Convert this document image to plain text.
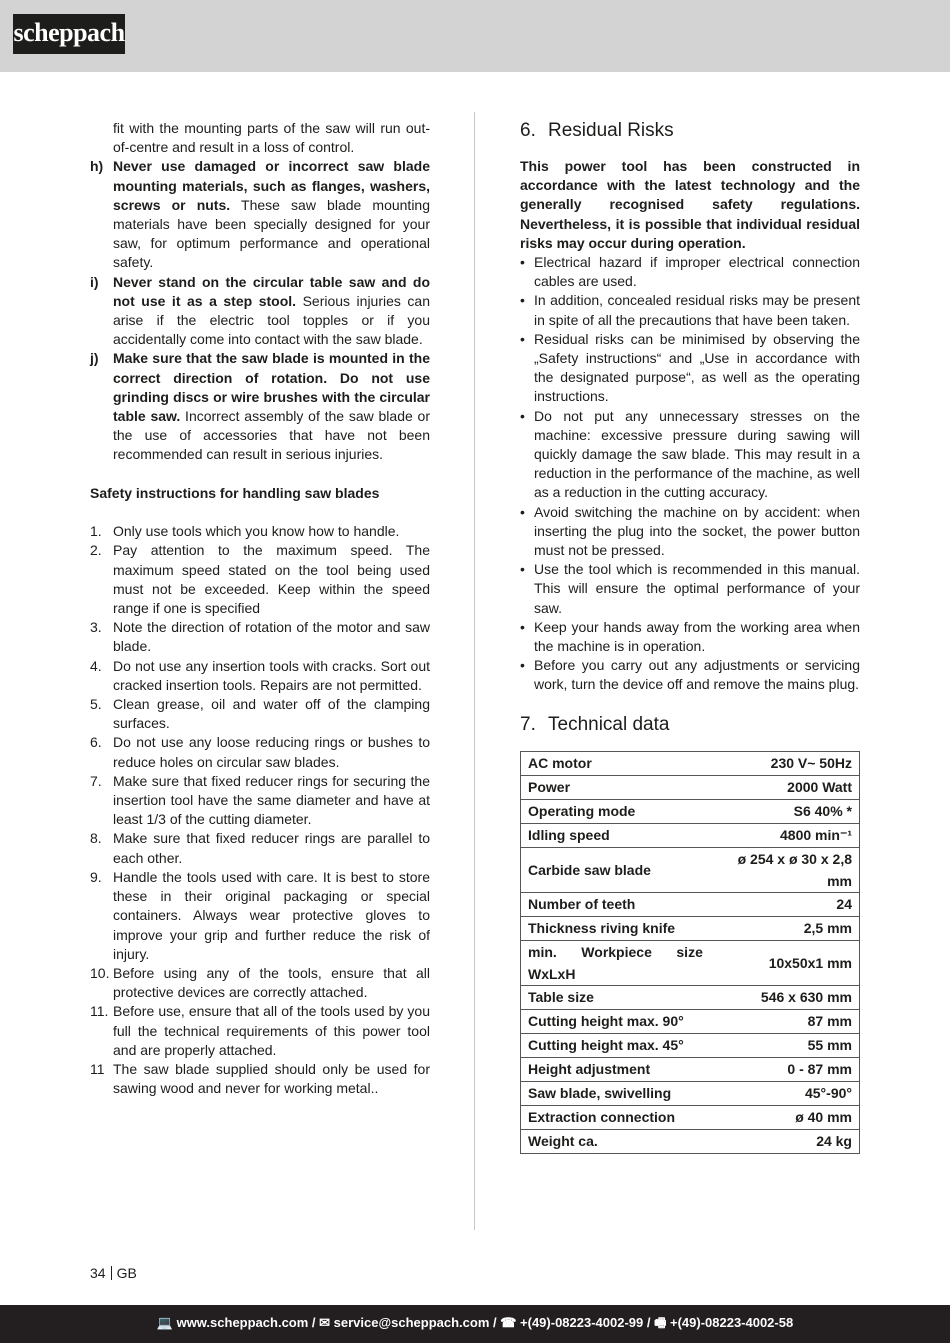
scheppach
fit with the mounting parts of the saw will run out-of-centre and result in a loss of control.
h) Never use damaged or incorrect saw blade mounting materials, such as flanges, washers, screws or nuts. These saw blade mounting materials have been specially designed for your saw, for optimum performance and operational safety.
i)	Never stand on the circular table saw and do not use it as a step stool. Serious injuries can arise if the electric tool topples or if you accidentally come into contact with the saw blade.
j)	Make sure that the saw blade is mounted in the correct direction of rotation. Do not use grinding discs or wire brushes with the circular table saw. Incorrect assembly of the saw blade or the use of accessories that have not been recommended can result in serious injuries.
Safety instructions for handling saw blades
1. Only use tools which you know how to handle.
2. Pay attention to the maximum speed. The maximum speed stated on the tool being used must not be exceeded. Keep within the speed range if one is specified
3. Note the direction of rotation of the motor and saw blade.
4. Do not use any insertion tools with cracks. Sort out cracked insertion tools. Repairs are not permitted.
5. Clean grease, oil and water off of the clamping surfaces.
6. Do not use any loose reducing rings or bushes to reduce holes on circular saw blades.
7. Make sure that fixed reducer rings for securing the insertion tool have the same diameter and have at least 1/3 of the cutting diameter.
8. Make sure that fixed reducer rings are parallel to each other.
9. Handle the tools used with care. It is best to store these in their original packaging or special containers. Always wear protective gloves to improve your grip and further reduce the risk of injury.
10. Before using any of the tools, ensure that all protective devices are correctly attached.
11. Before use, ensure that all of the tools used by you full the technical requirements of this power tool and are properly attached.
11 The saw blade supplied should only be used for sawing wood and never for working metal..
6. Residual Risks
This power tool has been constructed in accordance with the latest technology and the generally recognised safety regulations. Nevertheless, it is possible that individual residual risks may occur during operation.
• Electrical hazard if improper electrical connection cables are used.
• In addition, concealed residual risks may be present in spite of all the precautions that have been taken.
• Residual risks can be minimised by observing the „Safety instructions“ and „Use in accordance with the designated purpose“, as well as the operating instructions.
• Do not put any unnecessary stresses on the machine: excessive pressure during sawing will quickly damage the saw blade. This may result in a reduction in the performance of the machine, as well as a reduction in the cutting accuracy.
• Avoid switching the machine on by accident: when inserting the plug into the socket, the power button must not be pressed.
• Use the tool which is recommended in this manual. This will ensure the optimal performance of your saw.
• Keep your hands away from the working area when the machine is in operation.
• Before you carry out any adjustments or servicing work, turn the device off and remove the mains plug.
7. Technical data
AC motor	230 V~ 50Hz
Power	2000 Watt
Operating mode	S6 40% *
Idling speed	4800 min⁻¹
Carbide saw blade	ø 254 x ø 30 x 2,8 mm
Number of teeth	24
Thickness riving knife	2,5 mm
min. Workpiece size WxLxH	10x50x1 mm
Table size	546 x 630 mm
Cutting height max. 90°	87 mm
Cutting height max. 45°	55 mm
Height adjustment	0 - 87 mm
Saw blade, swivelling	45°-90°
Extraction connection	ø 40 mm
Weight ca.	24 kg
34 GB
💻 www.scheppach.com / ✉ service@scheppach.com / ☎ +(49)-08223-4002-99 / 🖷 +(49)-08223-4002-58
